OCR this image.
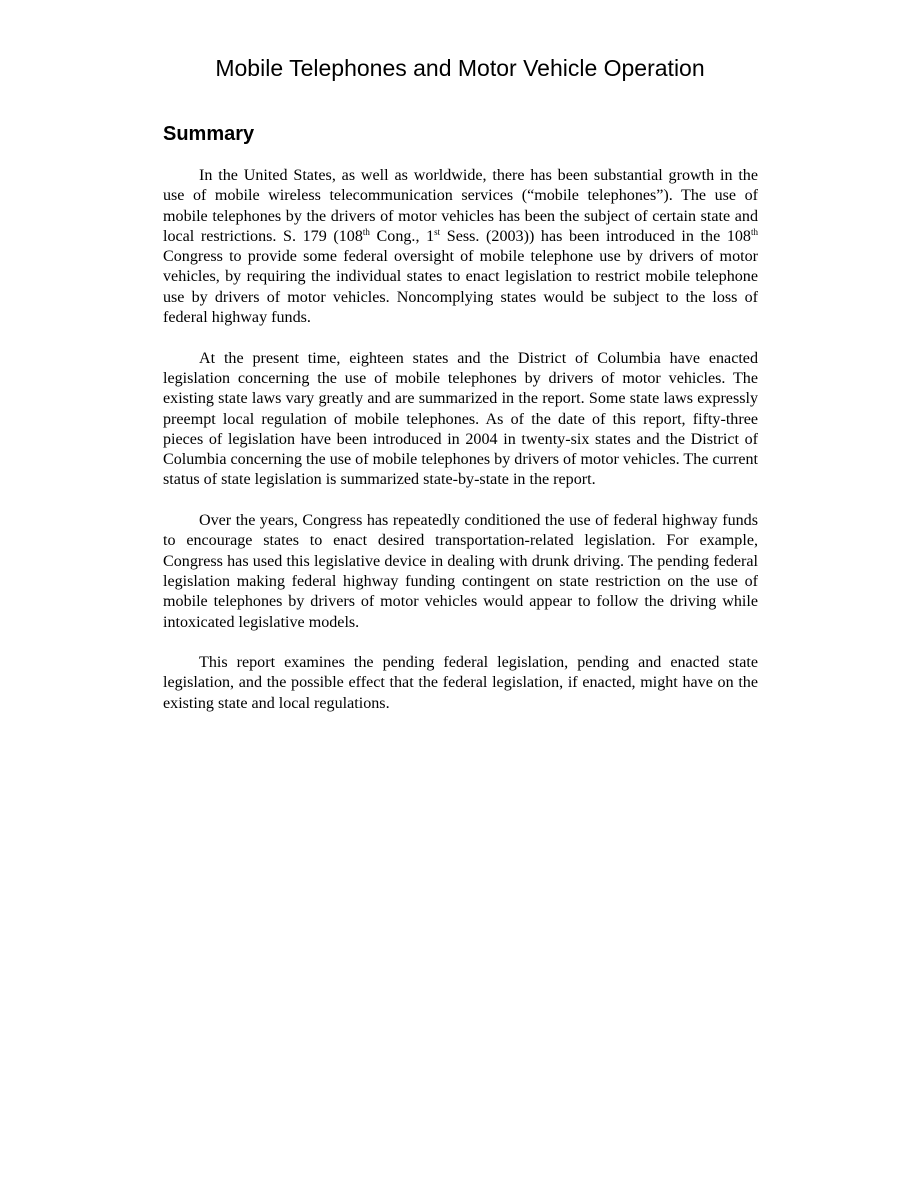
Mobile Telephones and Motor Vehicle Operation
Summary

In the United States, as well as worldwide, there has been substantial growth in the use of mobile wireless telecommunication services (“mobile telephones”). The use of mobile telephones by the drivers of motor vehicles has been the subject of certain state and local restrictions. S. 179 (108th Cong., 1st Sess. (2003)) has been introduced in the 108th Congress to provide some federal oversight of mobile telephone use by drivers of motor vehicles, by requiring the individual states to enact legislation to restrict mobile telephone use by drivers of motor vehicles. Noncomplying states would be subject to the loss of federal highway funds.

At the present time, eighteen states and the District of Columbia have enacted legislation concerning the use of mobile telephones by drivers of motor vehicles. The existing state laws vary greatly and are summarized in the report. Some state laws expressly preempt local regulation of mobile telephones. As of the date of this report, fifty-three pieces of legislation have been introduced in 2004 in twenty-six states and the District of Columbia concerning the use of mobile telephones by drivers of motor vehicles. The current status of state legislation is summarized state-by-state in the report.

Over the years, Congress has repeatedly conditioned the use of federal highway funds to encourage states to enact desired transportation-related legislation. For example, Congress has used this legislative device in dealing with drunk driving. The pending federal legislation making federal highway funding contingent on state restriction on the use of mobile telephones by drivers of motor vehicles would appear to follow the driving while intoxicated legislative models.

This report examines the pending federal legislation, pending and enacted state legislation, and the possible effect that the federal legislation, if enacted, might have on the existing state and local regulations.
